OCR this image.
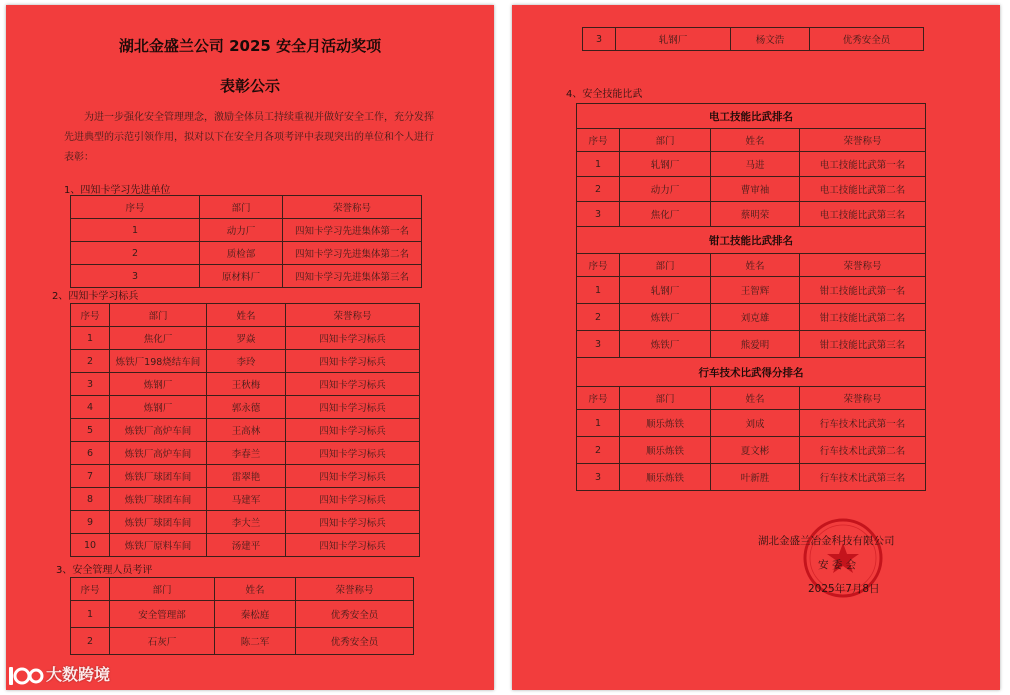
湖北金盛兰公司 2025 安全月活动奖项
表彰公示
为进一步强化安全管理理念，激励全体员工持续重视并做好安全工作，充分发挥先进典型的示范引领作用，拟对以下在安全月各项考评中表现突出的单位和个人进行表彰：
1、四知卡学习先进单位
序号	部门	荣誉称号
1	动力厂	四知卡学习先进集体第一名
2	质检部	四知卡学习先进集体第二名
3	原材料厂	四知卡学习先进集体第三名
2、四知卡学习标兵
序号	部门	姓名	荣誉称号
1	焦化厂	罗焱	四知卡学习标兵
2	炼铁厂198烧结车间	李玲	四知卡学习标兵
3	炼钢厂	王秋梅	四知卡学习标兵
4	炼钢厂	郭永德	四知卡学习标兵
5	炼铁厂高炉车间	王高林	四知卡学习标兵
6	炼铁厂高炉车间	李春兰	四知卡学习标兵
7	炼铁厂球团车间	雷翠艳	四知卡学习标兵
8	炼铁厂球团车间	马建军	四知卡学习标兵
9	炼铁厂球团车间	李大兰	四知卡学习标兵
10	炼铁厂原料车间	汤建平	四知卡学习标兵
3、安全管理人员考评
序号	部门	姓名	荣誉称号
1	安全管理部	秦松庭	优秀安全员
2	石灰厂	陈二军	优秀安全员
3	轧钢厂	杨文浩	优秀安全员
4、安全技能比武
电工技能比武排名			
序号	部门	姓名	荣誉称号
1	轧钢厂	马进	电工技能比武第一名
2	动力厂	曹审袖	电工技能比武第二名
3	焦化厂	蔡明荣	电工技能比武第三名
钳工技能比武排名			
序号	部门	姓名	荣誉称号
1	轧钢厂	王智辉	钳工技能比武第一名
2	炼铁厂	刘克雄	钳工技能比武第二名
3	炼铁厂	熊爱明	钳工技能比武第三名
行车技术比武得分排名			
序号	部门	姓名	荣誉称号
1	顺乐炼铁	刘成	行车技术比武第一名
2	顺乐炼铁	夏文彬	行车技术比武第二名
3	顺乐炼铁	叶新胜	行车技术比武第三名
湖北金盛兰冶金科技有限公司
安 委 会
2025年7月8日
大数跨境
